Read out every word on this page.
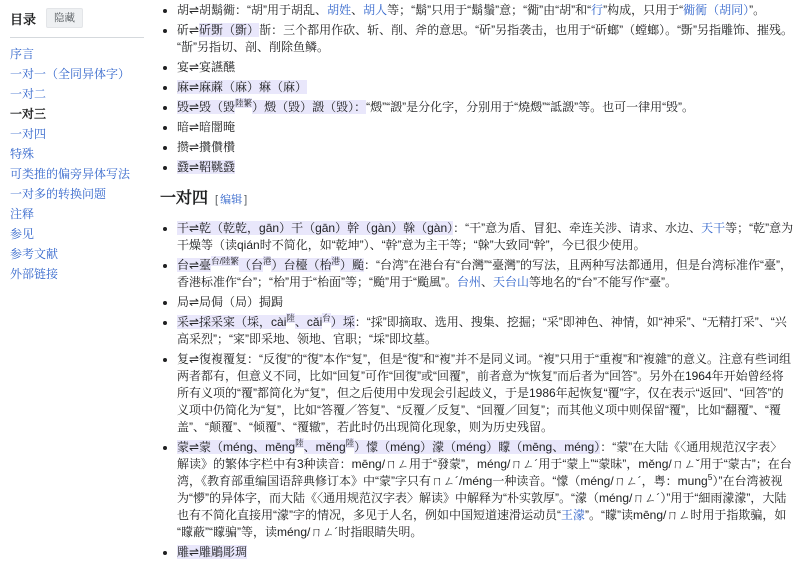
目录	隐藏
序言
一对一（全同异体字）
一对二
一对三
一对四
特殊
可类推的偏旁异体写法
一对多的转换问题
注释
参见
参考文献
外部链接
• 胡⇌胡鬍衚：“胡”用于胡乱、胡姓、胡人等；“鬍”只用于“鬍鬚”意；“衚”由“胡”和“行”构成，只用于“衚衕（胡同）”。
• 斫⇌斫斲（斵）斮：三个都用作砍、斩、削、斧的意思。“斫”另指袭击，也用于“斫螂”（螳螂）。“斲”另指雕饰、摧残。“斮”另指切、剖、削除鱼鳞。
• 宴⇌宴讌醼
• 麻⇌麻蔴（麻）痳（麻）
• 毁⇌毁（毀$^{陸繁}$）燬（毀）譭（毀）：“燬”“譭”是分化字，分别用于“燒燬”“詆譭”等。也可一律用“毁”。
• 暗⇌暗闇晻
• 攒⇌攢儹欑
• 鼗⇌鞀鞉鼗
一对四 [ 编辑 ]
• 干⇌乾（乾亁，gān）干（gān）幹（gàn）榦（gàn）：“干”意为盾、冒犯、牵连关涉、请求、水边、天干等；“乾”意为干燥等（读qián时不简化，如“乾坤”）、“幹”意为主干等；“榦”大致同“幹”，今已很少使用。
• 台⇌臺$^{台/陸繁}$（台$^港$）台檯（枱$^港$）颱：“台湾”在港台有“台灣”“臺灣”的写法，且两种写法都通用，但是台湾标准作“臺”，香港标准作“台”；“枱”用于“枱面”等；“颱”用于“颱風”。台州、天台山等地名的“台”不能写作“臺”。
• 局⇌局侷（局）挶跼
• 采⇌採采寀（埰，cài$^陸$、cǎi$^台$）埰：“採”即摘取、选用、搜集、挖掘；“采”即神色、神情，如“神采”、“无精打采”、“兴高采烈”；“寀”即采地、领地、官职；“埰”即坟墓。
• 复⇌復複覆复：“反復”的“復”本作“复”，但是“復”和“複”并不是同义词。“複”只用于“重複”和“複雜”的意义。注意有些词组两者都有，但意义不同，比如“回复”可作“回復”或“回覆”，前者意为“恢复”而后者为“回答”。另外在1964年开始曾经将所有义项的“覆”都简化为“复”，但之后使用中发现会引起歧义，于是1986年起恢复“覆”字，仅在表示“返回”、“回答”的义项中仍简化为“复”，比如“答覆／答复”、“反覆／反复”、“回覆／回复”；而其他义项中则保留“覆”，比如“翻覆”、“覆盖”、“颠覆”、“倾覆”、“覆辙”，若此时仍出现简化现象，则为历史残留。
• 蒙⇌蒙（méng、mēng$^陸$、měng$^陸$）懞（méng）濛（méng）矇（mēng、méng）：“蒙”在大陆《〈通用规范汉字表〉解读》的繁体字栏中有3种读音：mēng/ㄇㄥ用于“發蒙”，méng/ㄇㄥ´用于“蒙上”“蒙昧”，měng/ㄇㄥˇ用于“蒙古”；在台湾，《教育部重编国语辞典修订本》中“蒙”字只有ㄇㄥ´/méng一种读音。“懞（méng/ㄇㄥ´，粤：mung$^5$）”在台湾被视为“懜”的异体字，而大陆《〈通用规范汉字表〉解读》中解释为“朴实敦厚”。“濛（méng/ㄇㄥ´）”用于“細雨濛濛”，大陆也有不简化直接用“濛”字的情况，多见于人名，例如中国短道速滑运动员“王濛”。“矇”读mēng/ㄇㄥ时用于指欺骗，如“矇蔽”“矇骗”等，读méng/ㄇㄥ´时指眼睛失明。
• 雕⇌雕鵰彫琱
